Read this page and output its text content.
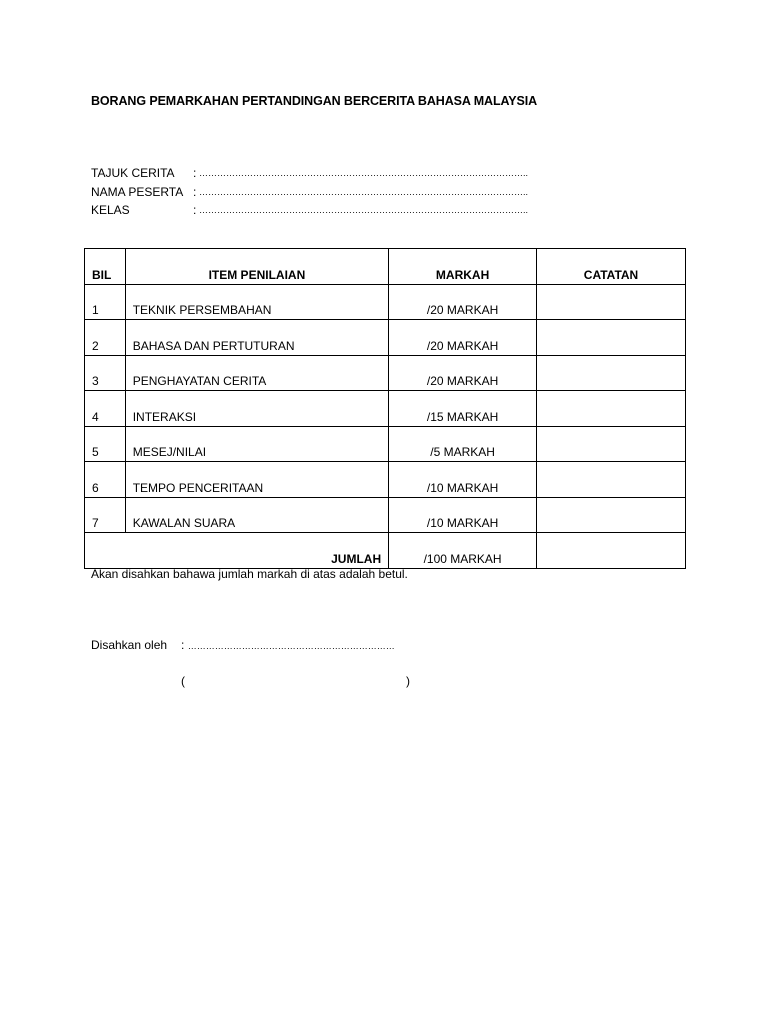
BORANG PEMARKAHAN PERTANDINGAN BERCERITA BAHASA MALAYSIA
TAJUK CERITA : ………………………………………………………………………………………………..
NAMA PESERTA : ………………………………………………………………………………………………..
KELAS	: ………………………………………………………………………………………………..
BIL	ITEM PENILAIAN	MARKAH	CATATAN
1	TEKNIK PERSEMBAHAN	/20 MARKAH	
2	BAHASA DAN PERTUTURAN	/20 MARKAH	
3	PENGHAYATAN CERITA	/20 MARKAH	
4	INTERAKSI	/15 MARKAH	
5	MESEJ/NILAI	/5 MARKAH	
6	TEMPO PENCERITAAN	/10 MARKAH	
7	KAWALAN SUARA	/10 MARKAH	
JUMLAH		/100 MARKAH	
Akan disahkan bahawa jumlah markah di atas adalah betul.
Disahkan oleh : ……………………………………………………………
(	)
